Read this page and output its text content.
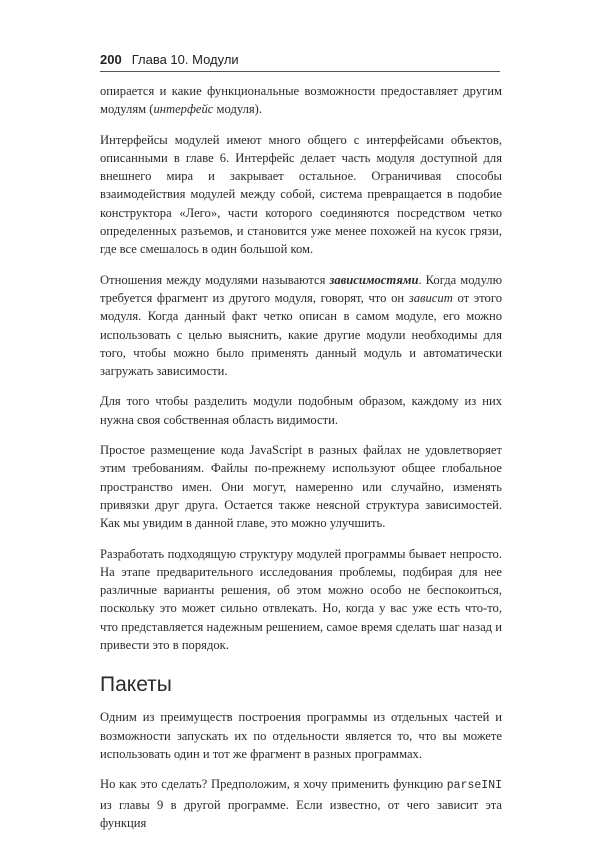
200 Глава 10. Модули

опирается и какие функциональные возможности предоставляет другим модулям (интерфейс модуля).

Интерфейсы модулей имеют много общего с интерфейсами объектов, описанными в главе 6. Интерфейс делает часть модуля доступной для внешнего мира и закрывает остальное. Ограничивая способы взаимодействия модулей между собой, система превращается в подобие конструктора «Лего», части которого соединяются посредством четко определенных разъемов, и становится уже менее похожей на кусок грязи, где все смешалось в один большой ком.

Отношения между модулями называются зависимостями. Когда модулю требуется фрагмент из другого модуля, говорят, что он зависит от этого модуля. Когда данный факт четко описан в самом модуле, его можно использовать с целью выяснить, какие другие модули необходимы для того, чтобы можно было применять данный модуль и автоматически загружать зависимости.

Для того чтобы разделить модули подобным образом, каждому из них нужна своя собственная область видимости.

Простое размещение кода JavaScript в разных файлах не удовлетворяет этим требованиям. Файлы по-прежнему используют общее глобальное пространство имен. Они могут, намеренно или случайно, изменять привязки друг друга. Остается также неясной структура зависимостей. Как мы увидим в данной главе, это можно улучшить.

Разработать подходящую структуру модулей программы бывает непросто. На этапе предварительного исследования проблемы, подбирая для нее различные варианты решения, об этом можно особо не беспокоиться, поскольку это может сильно отвлекать. Но, когда у вас уже есть что-то, что представляется надежным решением, самое время сделать шаг назад и привести это в порядок.

Пакеты

Одним из преимуществ построения программы из отдельных частей и возможности запускать их по отдельности является то, что вы можете использовать один и тот же фрагмент в разных программах.

Но как это сделать? Предположим, я хочу применить функцию parseINI из главы 9 в другой программе. Если известно, от чего зависит эта функция
